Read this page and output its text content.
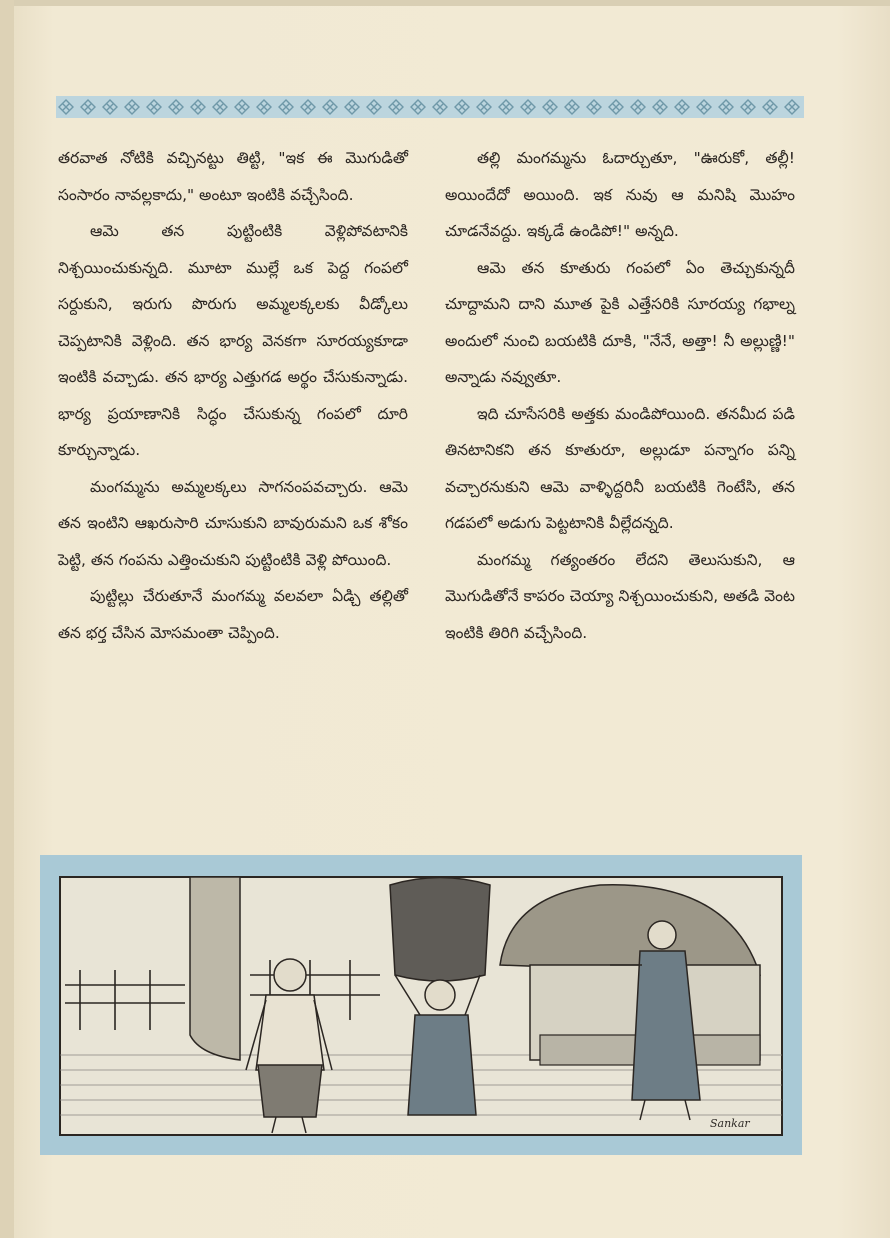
తరవాత నోటికి వచ్చినట్టు తిట్టి, "ఇక ఈ మొగుడితో సంసారం నావల్లకాదు," అంటూ ఇంటికి వచ్చేసింది.

ఆమె తన పుట్టింటికి వెళ్లిపోవటానికి నిశ్చయించుకున్నది. మూటా ముల్లే ఒక పెద్ద గంపలో సర్దుకుని, ఇరుగు పొరుగు అమ్మలక్కలకు వీడ్కోలు చెప్పటానికి వెళ్లింది. తన భార్య వెనకగా సూరయ్యకూడా ఇంటికి వచ్చాడు. తన భార్య ఎత్తుగడ అర్థం చేసుకున్నాడు. భార్య ప్రయాణానికి సిద్ధం చేసుకున్న గంపలో దూరి కూర్చున్నాడు.

మంగమ్మను అమ్మలక్కలు సాగనంపవచ్చారు. ఆమె తన ఇంటిని ఆఖరుసారి చూసుకుని బావురుమని ఒక శోకం పెట్టి, తన గంపను ఎత్తించుకుని పుట్టింటికి వెళ్లి పోయింది.

పుట్టిల్లు చేరుతూనే మంగమ్మ వలవలా ఏడ్చి తల్లితో తన భర్త చేసిన మోసమంతా చెప్పింది.

తల్లి మంగమ్మను ఓదార్చుతూ, "ఊరుకో, తల్లీ! అయిందేదో అయింది. ఇక నువు ఆ మనిషి మొహం చూడనేవద్దు. ఇక్కడే ఉండిపో!" అన్నది.

ఆమె తన కూతురు గంపలో ఏం తెచ్చుకున్నదీ చూద్దామని దాని మూత పైకి ఎత్తేసరికి సూరయ్య గభాల్న అందులో నుంచి బయటికి దూకి, "నేనే, అత్తా! నీ అల్లుణ్ణి!" అన్నాడు నవ్వుతూ.

ఇది చూసేసరికి అత్తకు మండిపోయింది. తనమీద పడి తినటానికని తన కూతురూ, అల్లుడూ పన్నాగం పన్ని వచ్చారనుకుని ఆమె వాళ్ళిద్దరినీ బయటికి గెంటేసి, తన గడపలో అడుగు పెట్టటానికి వీల్లేదన్నది.

మంగమ్మ గత్యంతరం లేదని తెలుసుకుని, ఆ మొగుడితోనే కాపరం చెయ్యా నిశ్చయించుకుని, అతడి వెంట ఇంటికి తిరిగి వచ్చేసింది.

Sankar
